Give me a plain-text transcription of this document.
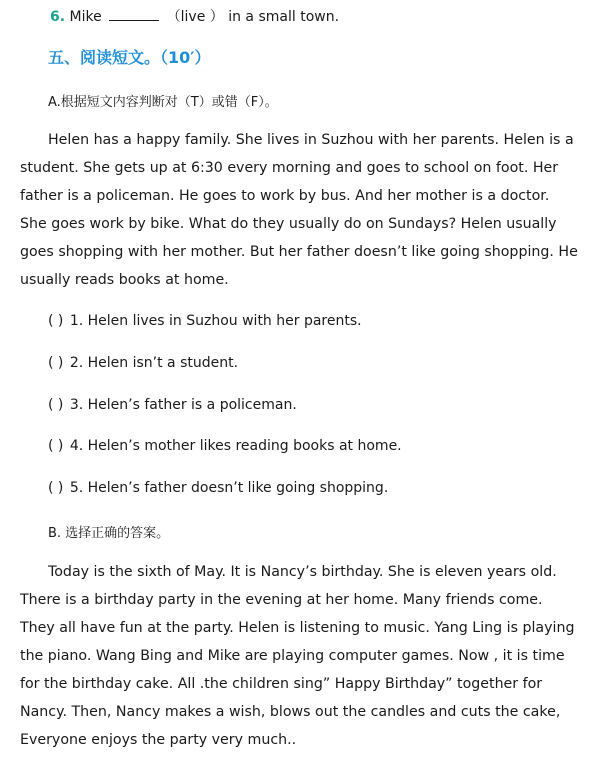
6. Mike	（live ） in a small town.
五、阅读短文。（10′）
A.根据短文内容判断对（T）或错（F）。

Helen has a happy family. She lives in Suzhou with her parents. Helen is a student. She gets up at 6:30 every morning and goes to school on foot. Her father is a policeman. He goes to work by bus. And her mother is a doctor. She goes work by bike. What do they usually do on Sundays? Helen usually goes shopping with her mother. But her father doesn’t like going shopping. He usually reads books at home.

( ) 1. Helen lives in Suzhou with her parents.
( ) 2. Helen isn’t a student.
( ) 3. Helen’s father is a policeman.
( ) 4. Helen’s mother likes reading books at home.
( ) 5. Helen’s father doesn’t like going shopping.
B. 选择正确的答案。

Today is the sixth of May. It is Nancy’s birthday. She is eleven years old. There is a birthday party in the evening at her home. Many friends come. They all have fun at the party. Helen is listening to music. Yang Ling is playing the piano. Wang Bing and Mike are playing computer games. Now , it is time for the birthday cake. All .the children sing” Happy Birthday” together for Nancy. Then, Nancy makes a wish, blows out the candles and cuts the cake, Everyone enjoys the party very much..
